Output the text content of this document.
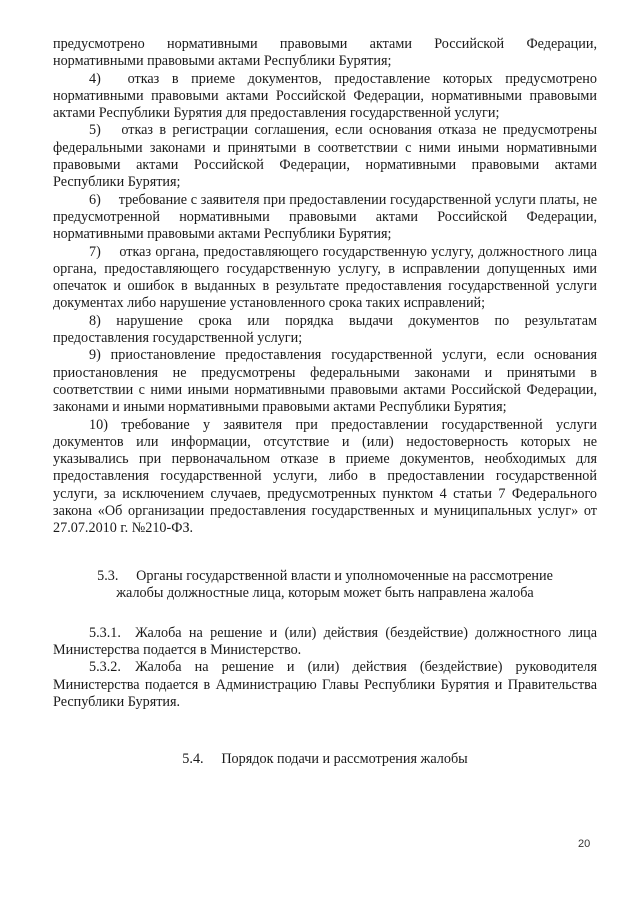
предусмотрено нормативными правовыми актами Российской Федерации, нормативными правовыми актами Республики Бурятия;

4)  отказ в приеме документов, предоставление которых предусмотрено нормативными правовыми актами Российской Федерации, нормативными правовыми актами Республики Бурятия для предоставления государственной услуги;

5)  отказ в регистрации соглашения, если основания отказа не предусмотрены федеральными законами и принятыми в соответствии с ними иными нормативными правовыми актами Российской Федерации, нормативными правовыми актами Республики Бурятия;

6)  требование с заявителя при предоставлении государственной услуги платы, не предусмотренной нормативными правовыми актами Российской Федерации, нормативными правовыми актами Республики Бурятия;

7)  отказ органа, предоставляющего государственную услугу, должностного лица органа, предоставляющего государственную услугу, в исправлении допущенных ими опечаток и ошибок в выданных в результате предоставления государственной услуги документах либо нарушение установленного срока таких исправлений;

8) нарушение срока или порядка выдачи документов по результатам предоставления государственной услуги;

9) приостановление предоставления государственной услуги, если основания приостановления не предусмотрены федеральными законами и принятыми в соответствии с ними иными нормативными правовыми актами Российской Федерации, законами и иными нормативными правовыми актами Республики Бурятия;

10) требование у заявителя при предоставлении государственной услуги документов или информации, отсутствие и (или) недостоверность которых не указывались при первоначальном отказе в приеме документов, необходимых для предоставления государственной услуги, либо в предоставлении государственной услуги, за исключением случаев, предусмотренных пунктом 4 статьи 7 Федерального закона «Об организации предоставления государственных и муниципальных услуг» от 27.07.2010 г. №210-ФЗ.

5.3.  Органы государственной власти и уполномоченные на рассмотрение

жалобы должностные лица, которым может быть направлена жалоба

5.3.1. Жалоба на решение и (или) действия (бездействие) должностного лица Министерства подается в Министерство.

5.3.2. Жалоба на решение и (или) действия (бездействие) руководителя Министерства подается в Администрацию Главы Республики Бурятия и Правительства Республики Бурятия.

5.4.  Порядок подачи и рассмотрения жалобы

20
